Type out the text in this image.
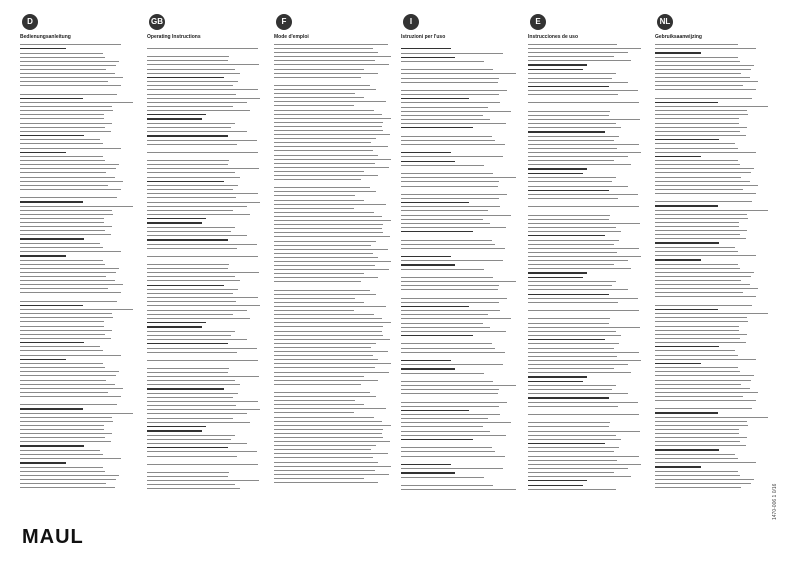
D
Bedienungsanleitung
GB
Operating Instructions
F
Mode d'emploi
I
Istruzioni per l'uso
E
Instrucciones de uso
NL
Gebruiksaanwijzing
MAUL
1470-006 1 0/16
